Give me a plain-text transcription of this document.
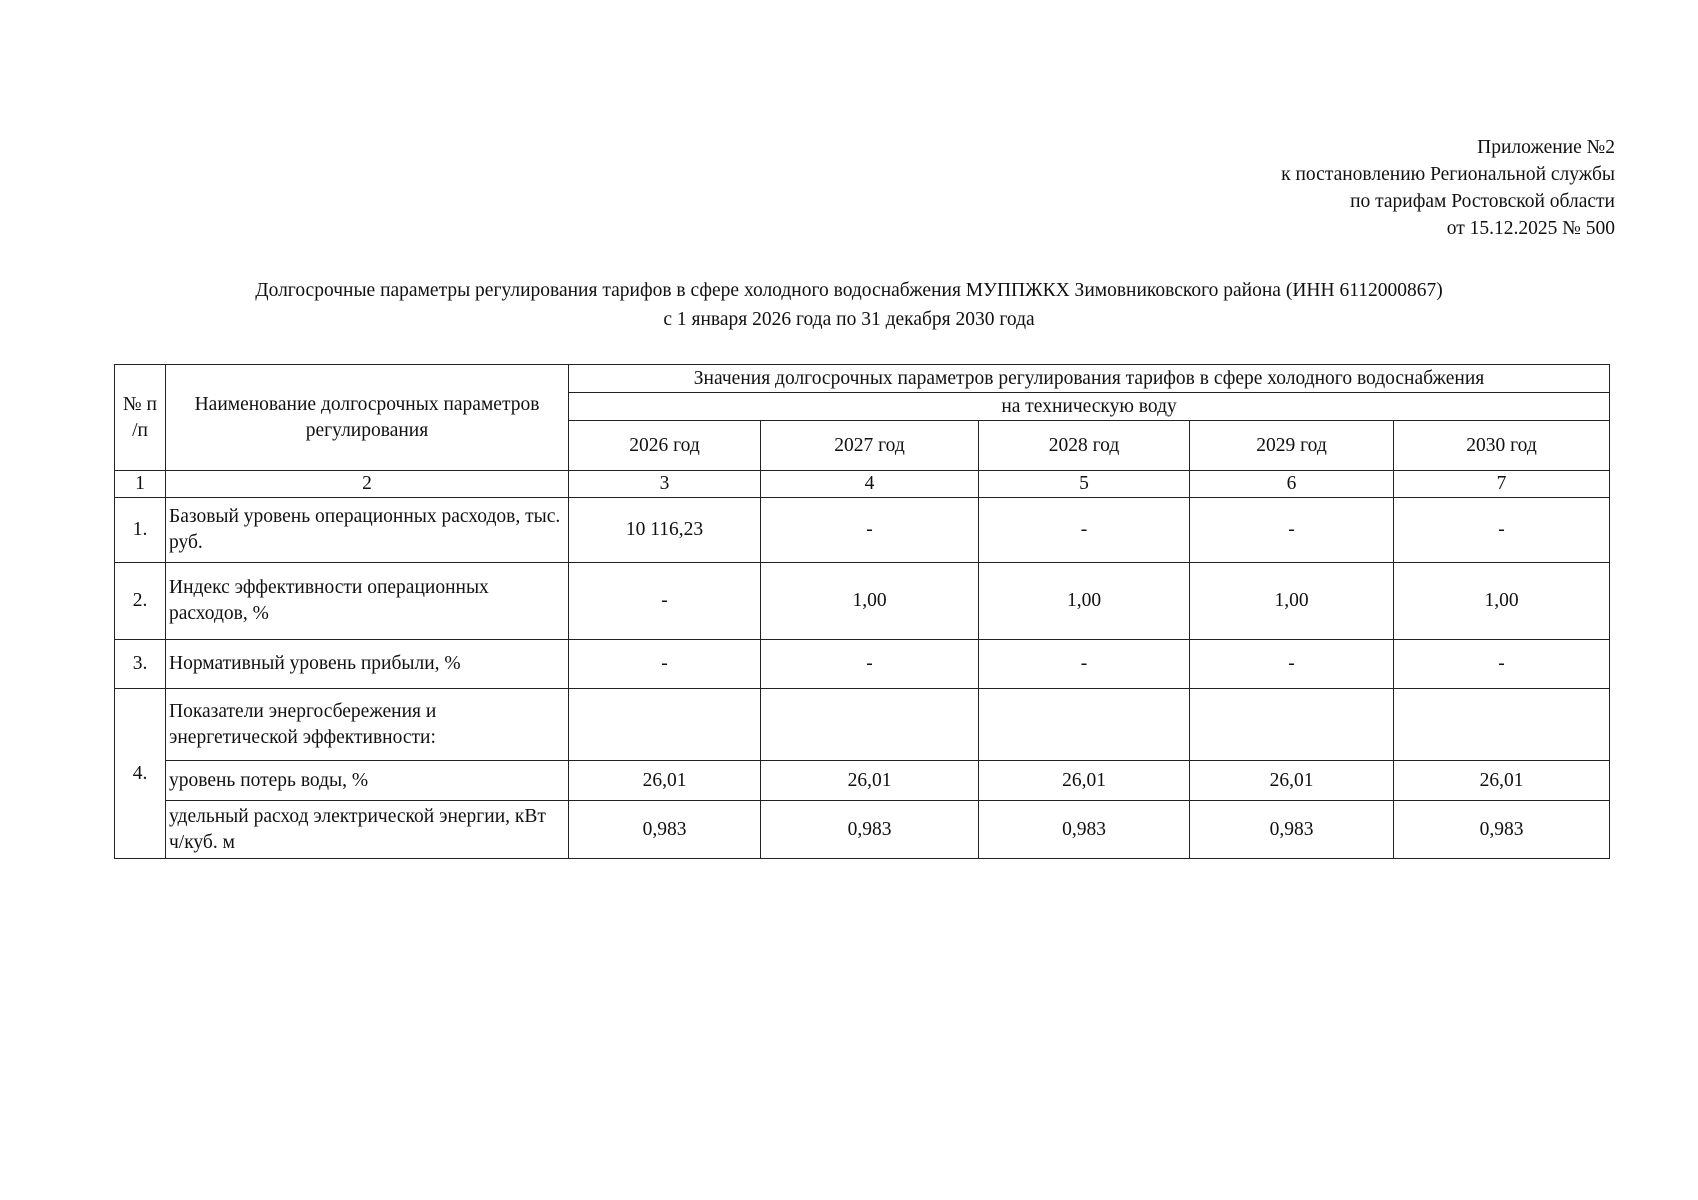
Приложение №2
к постановлению Региональной службы
по тарифам Ростовской области
от 15.12.2025 № 500
Долгосрочные параметры регулирования тарифов в сфере холодного водоснабжения МУППЖКХ Зимовниковского района (ИНН 6112000867)
с 1 января 2026 года по 31 декабря 2030 года
№ п /п	Наименование долгосрочных параметров регулирования	Значения долгосрочных параметров регулирования тарифов в сфере холодного водоснабжения				
		на техническую воду				
		2026 год	2027 год	2028 год	2029 год	2030 год
1	2	3	4	5	6	7
1.	Базовый уровень операционных расходов, тыс. руб.	10 116,23	-	-	-	-
2.	Индекс эффективности операционных расходов, %	-	1,00	1,00	1,00	1,00
3.	Нормативный уровень прибыли, %	-	-	-	-	-
4.	Показатели энергосбережения и энергетической эффективности:					
	уровень потерь воды, %	26,01	26,01	26,01	26,01	26,01
	удельный расход электрической энергии, кВт ч/куб. м	0,983	0,983	0,983	0,983	0,983
